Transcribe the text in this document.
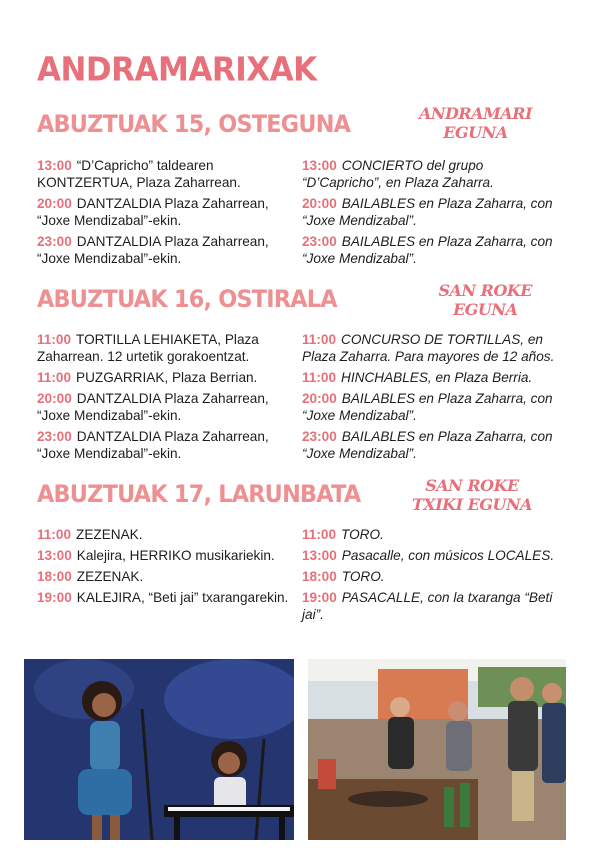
ANDRAMARIXAK
ABUZTUAK 15, OSTEGUNA	ANDRAMARI
EGUNA

13:00 “D’Capricho” taldearen KONTZERTUA, Plaza Zaharrean.

20:00 DANTZALDIA Plaza Zaharrean, “Joxe Mendizabal”-ekin.

23:00 DANTZALDIA Plaza Zaharrean, “Joxe Mendizabal”-ekin.

13:00 CONCIERTO del grupo “D’Capricho”, en Plaza Zaharra.

20:00 BAILABLES en Plaza Zaharra, con “Joxe Mendizabal”.

23:00 BAILABLES en Plaza Zaharra, con “Joxe Mendizabal”.

ABUZTUAK 16, OSTIRALA	SAN ROKE
EGUNA

11:00 TORTILLA LEHIAKETA, Plaza Zaharrean. 12 urtetik gorakoentzat.

11:00 PUZGARRIAK, Plaza Berrian.

20:00 DANTZALDIA Plaza Zaharrean, “Joxe Mendizabal”-ekin.

23:00 DANTZALDIA Plaza Zaharrean, “Joxe Mendizabal”-ekin.

11:00 CONCURSO DE TORTILLAS, en Plaza Zaharra. Para mayores de 12 años.

11:00 HINCHABLES, en Plaza Berria.

20:00 BAILABLES en Plaza Zaharra, con “Joxe Mendizabal”.

23:00 BAILABLES en Plaza Zaharra, con “Joxe Mendizabal”.

ABUZTUAK 17, LARUNBATA	SAN ROKE
TXIKI EGUNA

11:00 ZEZENAK.

13:00 Kalejira, HERRIKO musikariekin.

18:00 ZEZENAK.

19:00 KALEJIRA, “Beti jai” txarangarekin.

11:00 TORO.

13:00 Pasacalle, con músicos LOCALES.

18:00 TORO.

19:00 PASACALLE, con la txaranga “Beti jai”.
